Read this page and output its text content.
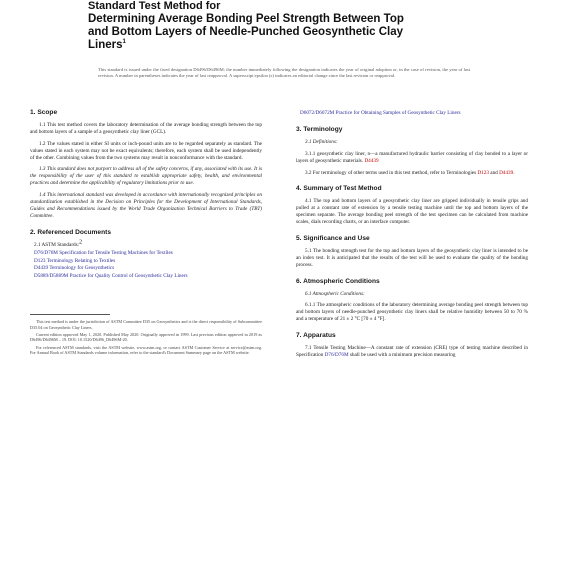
Standard Test Method for
Determining Average Bonding Peel Strength Between Top
and Bottom Layers of Needle-Punched Geosynthetic Clay
Liners$^1$
This standard is issued under the fixed designation D6496/D6496M; the number immediately following the designation indicates the year of original adoption or, in the case of revision, the year of last revision. A number in parentheses indicates the year of last reapproval. A superscript epsilon (ε) indicates an editorial change since the last revision or reapproval.
1. Scope
1.1 This test method covers the laboratory determination of the average bonding strength between the top and bottom layers of a sample of a geosynthetic clay liner (GCL).
1.2 The values stated in either SI units or inch-pound units are to be regarded separately as standard. The values stated in each system may not be exact equivalents; therefore, each system shall be used independently of the other. Combining values from the two systems may result in nonconformance with the standard.
1.3 This standard does not purport to address all of the safety concerns, if any, associated with its use. It is the responsibility of the user of this standard to establish appropriate safety, health, and environmental practices and determine the applicability of regulatory limitations prior to use.
1.4 This international standard was developed in accordance with internationally recognized principles on standardization established in the Decision on Principles for the Development of International Standards, Guides and Recommendations issued by the World Trade Organization Technical Barriers to Trade (TBT) Committee.
2. Referenced Documents
2.1 ASTM Standards:$^2$
D76/D76M Specification for Tensile Testing Machines for Textiles
D123 Terminology Relating to Textiles
D4439 Terminology for Geosynthetics
D5889/D5889M Practice for Quality Control of Geosynthetic Clay Liners
This test method is under the jurisdiction of ASTM Committee D35 on Geosynthetics and is the direct responsibility of Subcommittee D35.04 on Geosynthetic Clay Liners.
Current edition approved May 1, 2020. Published May 2020. Originally approved in 1999. Last previous edition approved in 2019 as D6496/D6496M – 19. DOI: 10.1520/D6496_D6496M-20.
For referenced ASTM standards, visit the ASTM website, www.astm.org, or contact ASTM Customer Service at service@astm.org. For Annual Book of ASTM Standards volume information, refer to the standard's Document Summary page on the ASTM website.
D6072/D6072M Practice for Obtaining Samples of Geosynthetic Clay Liners
3. Terminology
3.1 Definitions:
3.1.1 geosynthetic clay liner, n—a manufactured hydraulic barrier consisting of clay bonded to a layer or layers of geosynthetic materials. D4439
3.2 For terminology of other terms used in this test method, refer to Terminologies D123 and D4439.
4. Summary of Test Method
4.1 The top and bottom layers of a geosynthetic clay liner are gripped individually in tensile grips and pulled at a constant rate of extension by a tensile testing machine until the top and bottom layers of the specimen separate. The average bonding peel strength of the test specimen can be calculated from machine scales, dials recording charts, or an interface computer.
5. Significance and Use
5.1 The bonding strength test for the top and bottom layers of the geosynthetic clay liner is intended to be an index test. It is anticipated that the results of the test will be used to evaluate the quality of the bonding process.
6. Atmospheric Conditions
6.1 Atmospheric Conditions:
6.1.1 The atmospheric conditions of the laboratory determining average bonding peel strength between top and bottom layers of needle-punched geosynthetic clay liners shall be relative humidity between 50 to 70 % and a temperature of 21 ± 2 °C [70 ± 4 °F].
7. Apparatus
7.1 Tensile Testing Machine—A constant rate of extension (CRE) type of testing machine described in Specification D76/D76M shall be used with a minimum precision measuring
